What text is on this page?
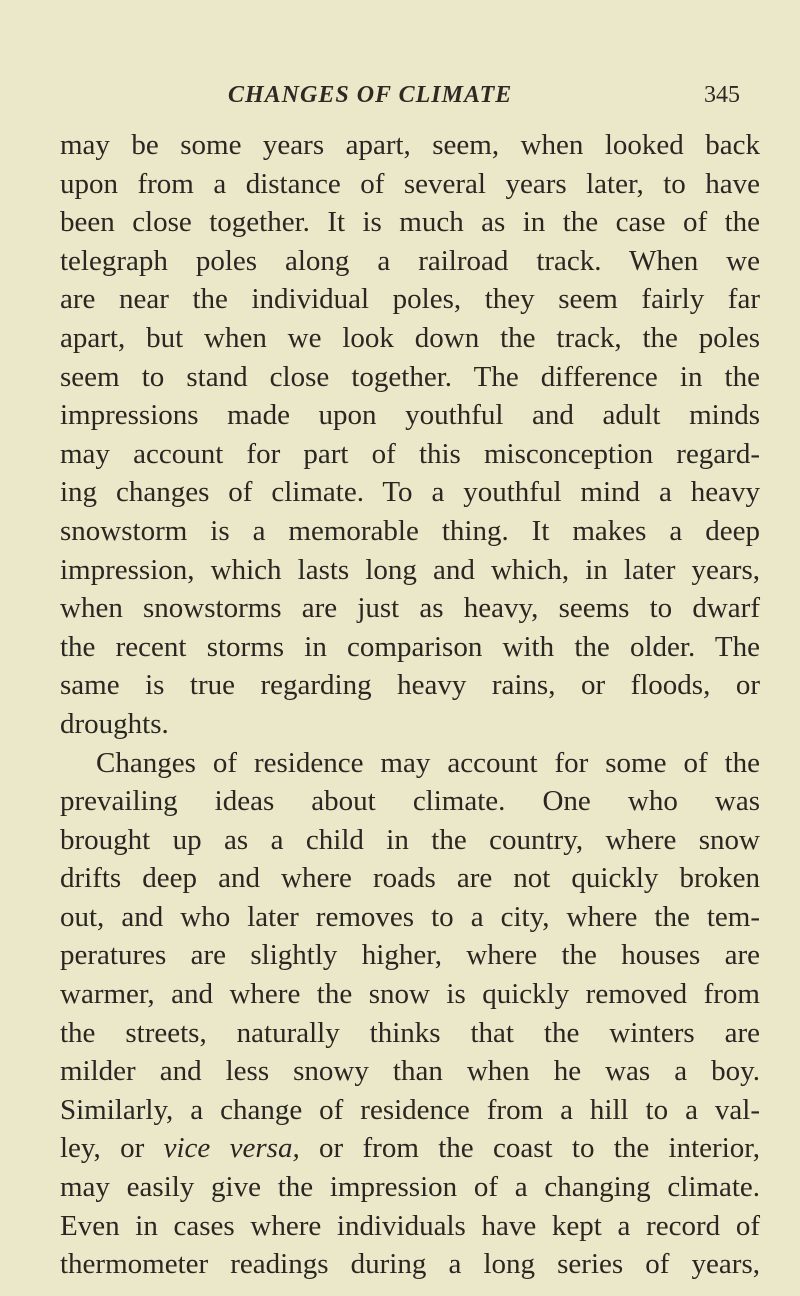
CHANGES OF CLIMATE	345
may be some years apart, seem, when looked back
upon from a distance of several years later, to have
been close together. It is much as in the case of the
telegraph poles along a railroad track. When we
are near the individual poles, they seem fairly far
apart, but when we look down the track, the poles
seem to stand close together. The difference in the
impressions made upon youthful and adult minds
may account for part of this misconception regard-
ing changes of climate. To a youthful mind a heavy
snowstorm is a memorable thing. It makes a deep
impression, which lasts long and which, in later years,
when snowstorms are just as heavy, seems to dwarf
the recent storms in comparison with the older. The
same is true regarding heavy rains, or floods, or
droughts.
Changes of residence may account for some of the
prevailing ideas about climate. One who was
brought up as a child in the country, where snow
drifts deep and where roads are not quickly broken
out, and who later removes to a city, where the tem-
peratures are slightly higher, where the houses are
warmer, and where the snow is quickly removed from
the streets, naturally thinks that the winters are
milder and less snowy than when he was a boy.
Similarly, a change of residence from a hill to a val-
ley, or vice versa, or from the coast to the interior,
may easily give the impression of a changing climate.
Even in cases where individuals have kept a record of
thermometer readings during a long series of years,
